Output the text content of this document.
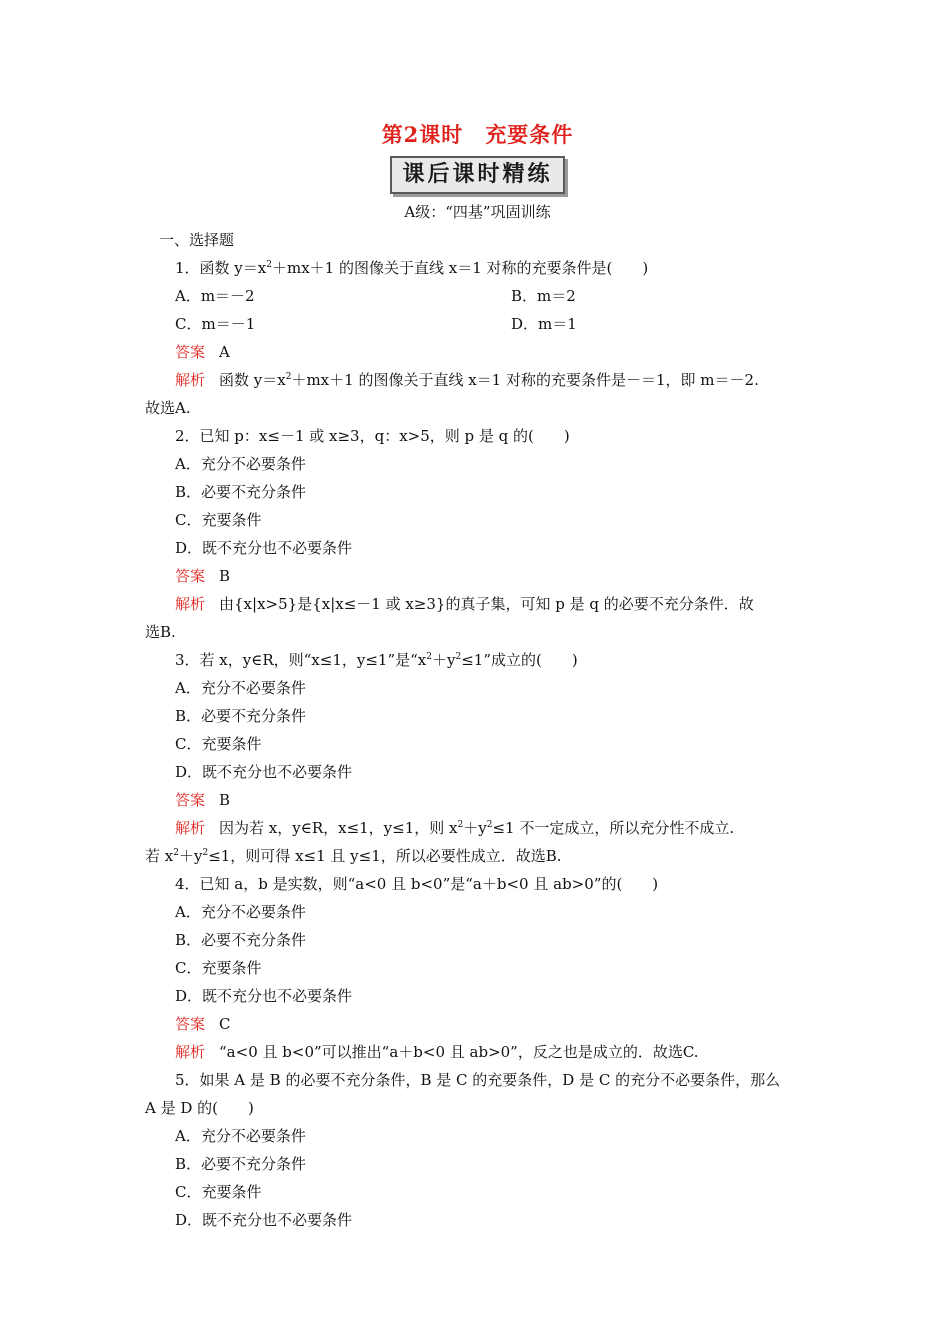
第2课时 充要条件
课后课时精练
A级：“四基”巩固训练
一、选择题
1．函数 $y=x^2+mx+1$ 的图像关于直线 x＝1 对称的充要条件是(　　)
A．m＝－2	B．m＝2
C．m＝－1	D．m＝1
答案 A
解析 函数 $y=x^2+mx+1$ 的图像关于直线 x＝1 对称的充要条件是－＝1，即 m＝－2.
故选A.
2．已知 p：x≤－1 或 x≥3，q：x>5，则 p 是 q 的(　　)
A．充分不必要条件
B．必要不充分条件
C．充要条件
D．既不充分也不必要条件
答案 B
解析 由{x|x>5}是{x|x≤－1 或 x≥3}的真子集，可知 p 是 q 的必要不充分条件．故
选B.
3．若 x，y∈R，则“x≤1，y≤1”是“$x^2+y^2\le 1$”成立的(　　)
A．充分不必要条件
B．必要不充分条件
C．充要条件
D．既不充分也不必要条件
答案 B
解析 因为若 x，y∈R，x≤1，y≤1，则 $x^2+y^2\le 1$ 不一定成立，所以充分性不成立.
若 $x^2+y^2\le 1$，则可得 x≤1 且 y≤1，所以必要性成立．故选B.
4．已知 a，b 是实数，则“a<0 且 b<0”是“a＋b<0 且 ab>0”的(　　)
A．充分不必要条件
B．必要不充分条件
C．充要条件
D．既不充分也不必要条件
答案 C
解析 “a<0 且 b<0”可以推出“a＋b<0 且 ab>0”，反之也是成立的．故选C.
5．如果 A 是 B 的必要不充分条件，B 是 C 的充要条件，D 是 C 的充分不必要条件，那么
A 是 D 的(　　)
A．充分不必要条件
B．必要不充分条件
C．充要条件
D．既不充分也不必要条件
